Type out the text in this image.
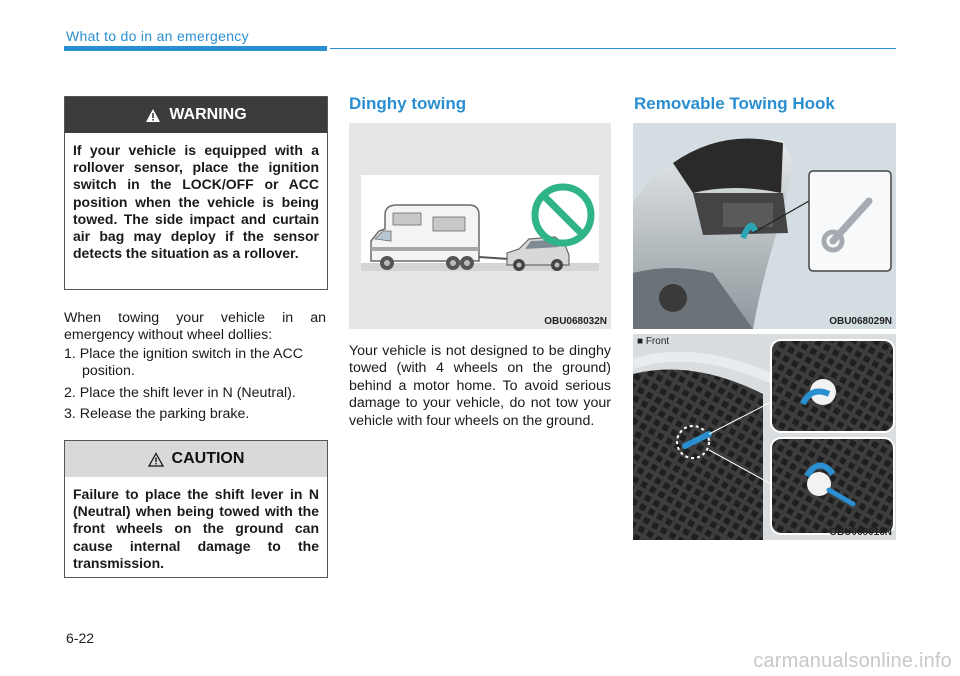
What to do in an emergency
WARNING
If your vehicle is equipped with a rollover sensor, place the ignition switch in the LOCK/OFF or ACC position when the vehicle is being towed. The side impact and curtain air bag may deploy if the sensor detects the situation as a rollover.
When towing your vehicle in an emergency without wheel dollies:
1. Place the ignition switch in the ACC position.
2. Place the shift lever in N (Neutral).
3. Release the parking brake.
CAUTION
Failure to place the shift lever in N (Neutral) when being towed with the front wheels on the ground can cause internal damage to the transmission.
Dinghy towing
OBU068032N
Your vehicle is not designed to be dinghy towed (with 4 wheels on the ground) behind a motor home. To avoid serious damage to your vehicle, do not tow your vehicle with four wheels on the ground.
Removable Towing Hook
OBU068029N
■ Front
OBU068016N
6-22
carmanualsonline.info
